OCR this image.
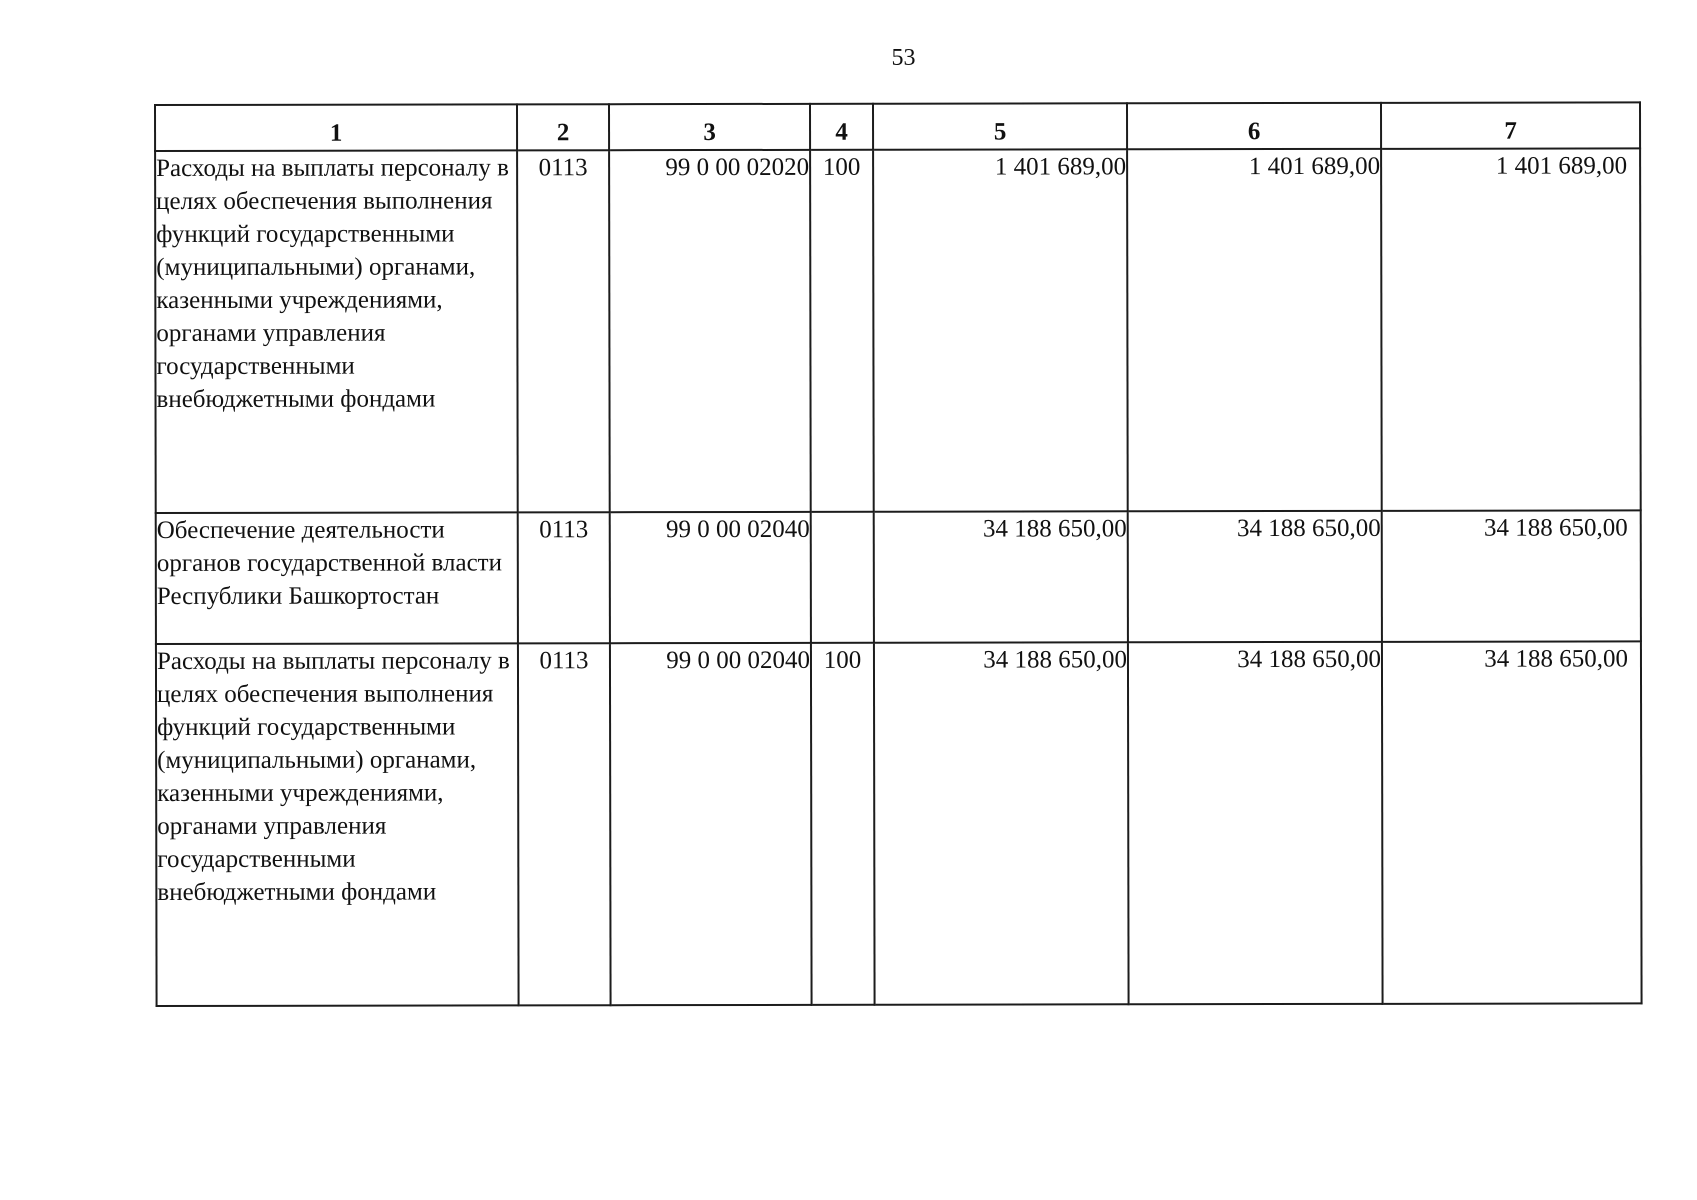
53
1	2	3	4	5	6	7
Расходы на выплаты персоналу в целях обеспечения выполнения функций государственными (муниципальными) органами, казенными учреждениями, органами управления государственными внебюджетными фондами	0113	99 0 00 02020	100	1 401 689,00	1 401 689,00	1 401 689,00
Обеспечение деятельности органов государственной власти Республики Башкортостан	0113	99 0 00 02040		34 188 650,00	34 188 650,00	34 188 650,00
Расходы на выплаты персоналу в целях обеспечения выполнения функций государственными (муниципальными) органами, казенными учреждениями, органами управления государственными внебюджетными фондами	0113	99 0 00 02040	100	34 188 650,00	34 188 650,00	34 188 650,00
